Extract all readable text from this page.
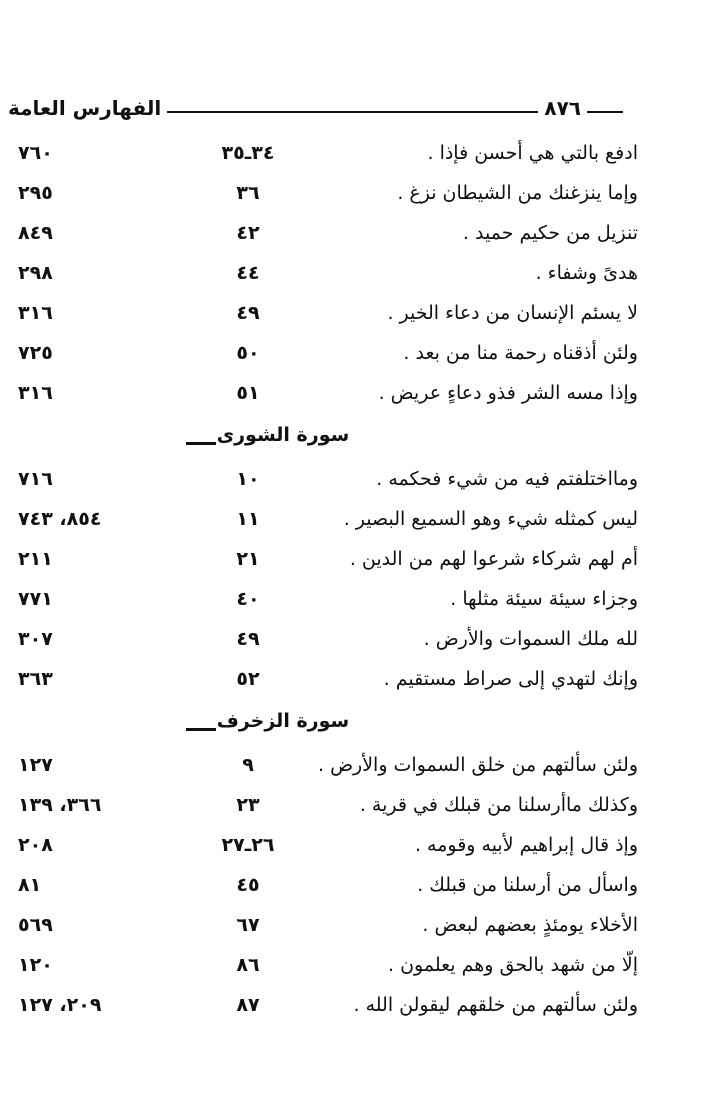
٨٧٦
الفهارس العامة
ادفع بالتي هي أحسن فإذا .
٣٤ـ٣٥
٧٦٠
وإما ينزغنك من الشيطان نزغ .
٣٦
٢٩٥
تنزيل من حكيم حميد .
٤٢
٨٤٩
هدىً وشفاء .
٤٤
٢٩٨
لا يسئم الإنسان من دعاء الخير .
٤٩
٣١٦
ولئن أذقناه رحمة منا من بعد .
٥٠
٧٢٥
وإذا مسه الشر فذو دعاءٍ عريض .
٥١
٣١٦
سورة الشورى
ومااختلفتم فيه من شيء فحكمه .
١٠
٧١٦
ليس كمثله شيء وهو السميع البصير .
١١
٨٥٤، ٧٤٣
أم لهم شركاء شرعوا لهم من الدين .
٢١
٢١١
وجزاء سيئة سيئة مثلها .
٤٠
٧٧١
لله ملك السموات والأرض .
٤٩
٣٠٧
وإنك لتهدي إلى صراط مستقيم .
٥٢
٣٦٣
سورة الزخرف
ولئن سألتهم من خلق السموات والأرض .
٩
١٢٧
وكذلك ماأرسلنا من قبلك في قرية .
٢٣
٣٦٦، ١٣٩
وإذ قال إبراهيم لأبيه وقومه .
٢٦ـ٢٧
٢٠٨
واسأل من أرسلنا من قبلك .
٤٥
٨١
الأخلاء يومئذٍ بعضهم لبعض .
٦٧
٥٦٩
إلّا من شهد بالحق وهم يعلمون .
٨٦
١٢٠
ولئن سألتهم من خلقهم ليقولن الله .
٨٧
٢٠٩، ١٢٧
